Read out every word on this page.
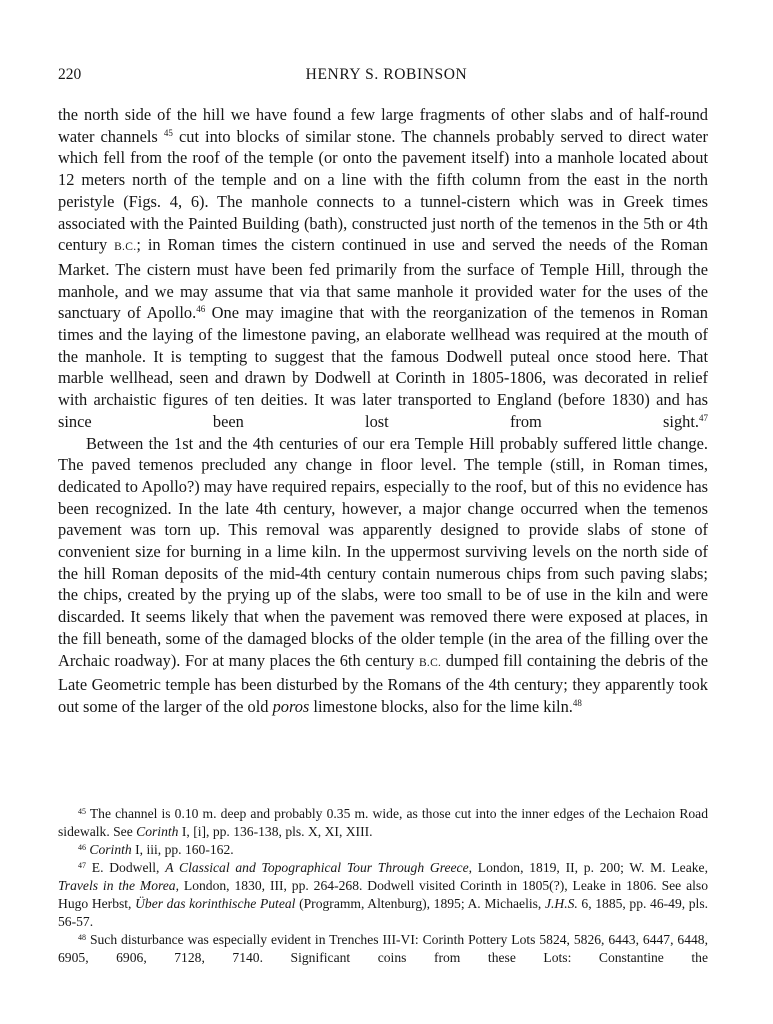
220	HENRY S. ROBINSON

the north side of the hill we have found a few large fragments of other slabs and of half-round water channels $^{45}$ cut into blocks of similar stone. The channels probably served to direct water which fell from the roof of the temple (or onto the pavement itself) into a manhole located about 12 meters north of the temple and on a line with the fifth column from the east in the north peristyle (Figs. 4, 6). The manhole connects to a tunnel-cistern which was in Greek times associated with the Painted Building (bath), constructed just north of the temenos in the 5th or 4th century B.C.; in Roman times the cistern continued in use and served the needs of the Roman Market. The cistern must have been fed primarily from the surface of Temple Hill, through the manhole, and we may assume that via that same manhole it provided water for the uses of the sanctuary of Apollo.$^{46}$ One may imagine that with the reorganization of the temenos in Roman times and the laying of the limestone paving, an elaborate wellhead was required at the mouth of the manhole. It is tempting to suggest that the famous Dodwell puteal once stood here. That marble wellhead, seen and drawn by Dodwell at Corinth in 1805-1806, was decorated in relief with archaistic figures of ten deities. It was later transported to England (before 1830) and has since been lost from sight.$^{47}$

Between the 1st and the 4th centuries of our era Temple Hill probably suffered little change. The paved temenos precluded any change in floor level. The temple (still, in Roman times, dedicated to Apollo?) may have required repairs, especially to the roof, but of this no evidence has been recognized. In the late 4th century, however, a major change occurred when the temenos pavement was torn up. This removal was apparently designed to provide slabs of stone of convenient size for burning in a lime kiln. In the uppermost surviving levels on the north side of the hill Roman deposits of the mid-4th century contain numerous chips from such paving slabs; the chips, created by the prying up of the slabs, were too small to be of use in the kiln and were discarded. It seems likely that when the pavement was removed there were exposed at places, in the fill beneath, some of the damaged blocks of the older temple (in the area of the filling over the Archaic roadway). For at many places the 6th century B.C. dumped fill containing the debris of the Late Geometric temple has been disturbed by the Romans of the 4th century; they apparently took out some of the larger of the old poros limestone blocks, also for the lime kiln.$^{48}$

$^{45}$ The channel is 0.10 m. deep and probably 0.35 m. wide, as those cut into the inner edges of the Lechaion Road sidewalk. See Corinth I, [i], pp. 136-138, pls. X, XI, XIII.

$^{46}$ Corinth I, iii, pp. 160-162.

$^{47}$ E. Dodwell, A Classical and Topographical Tour Through Greece, London, 1819, II, p. 200; W. M. Leake, Travels in the Morea, London, 1830, III, pp. 264-268. Dodwell visited Corinth in 1805(?), Leake in 1806. See also Hugo Herbst, Über das korinthische Puteal (Programm, Altenburg), 1895; A. Michaelis, J.H.S. 6, 1885, pp. 46-49, pls. 56-57.

$^{48}$ Such disturbance was especially evident in Trenches III-VI: Corinth Pottery Lots 5824, 5826, 6443, 6447, 6448, 6905, 6906, 7128, 7140. Significant coins from these Lots: Constantine the
